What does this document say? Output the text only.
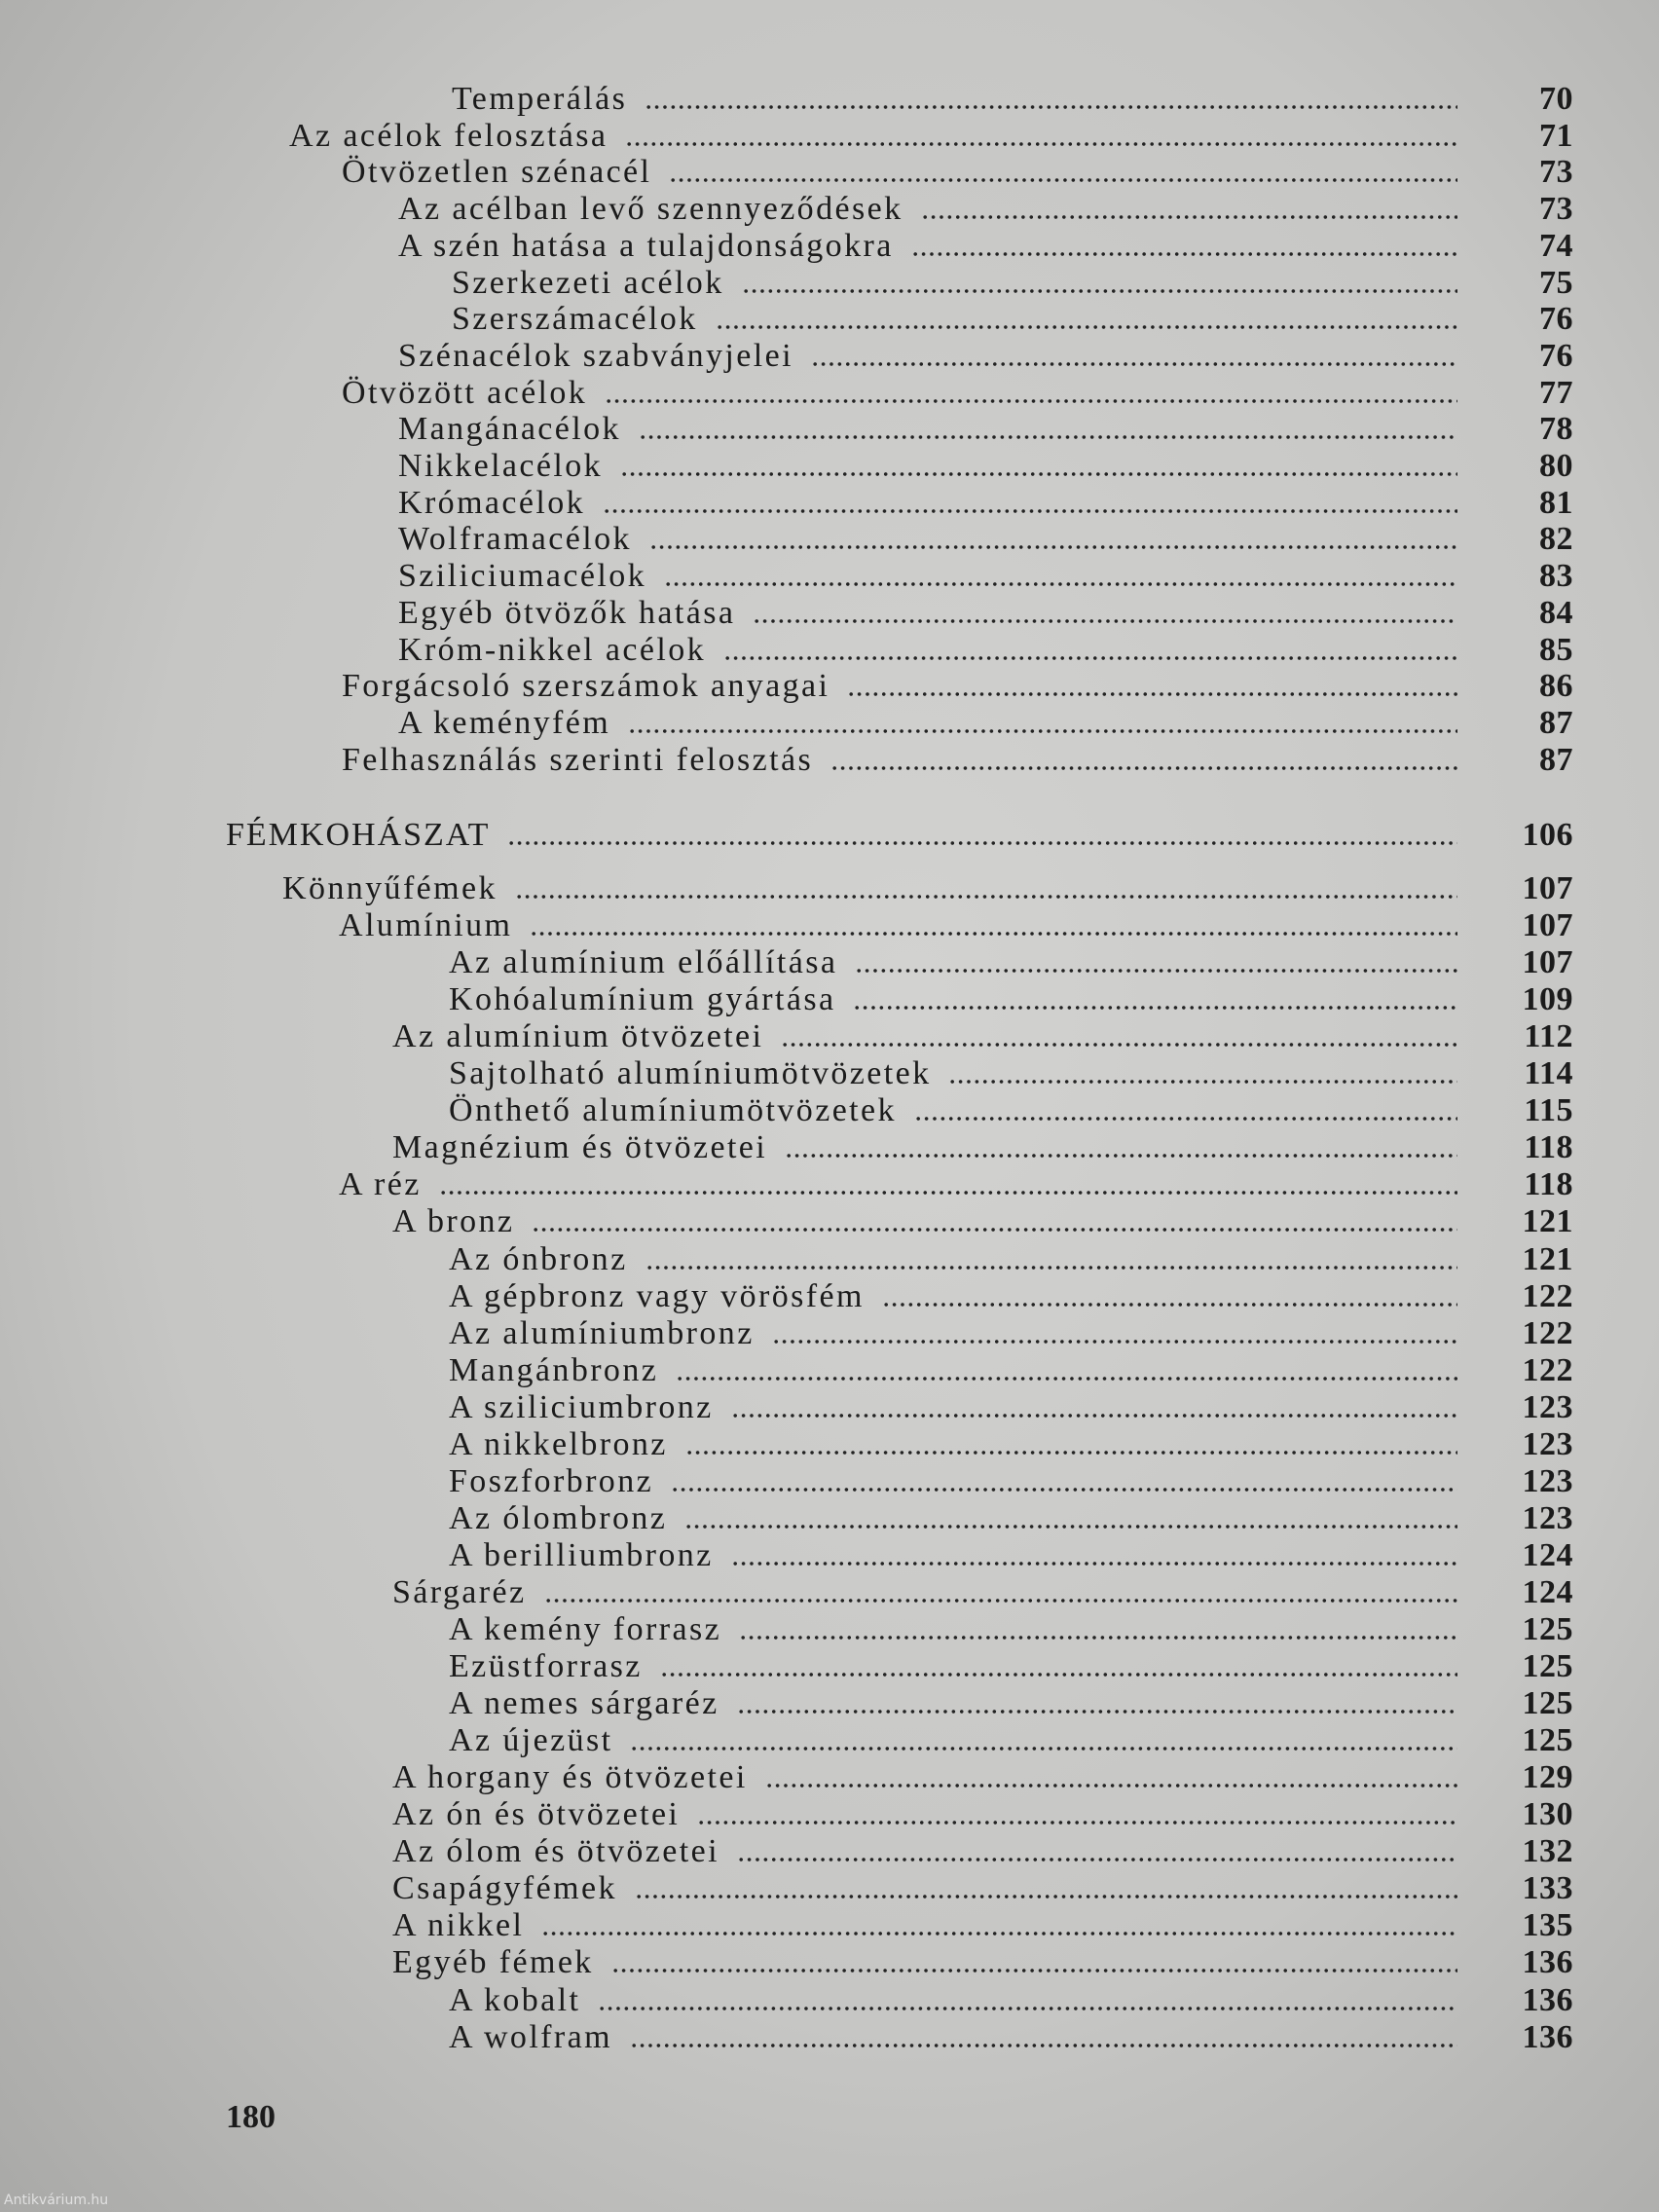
Temperálás	70
Az acélok felosztása	71
Ötvözetlen szénacél	73
Az acélban levő szennyeződések	73
A szén hatása a tulajdonságokra	74
Szerkezeti acélok	75
Szerszámacélok	76
Szénacélok szabványjelei	76
Ötvözött acélok	77
Mangánacélok	78
Nikkelacélok	80
Krómacélok	81
Wolframacélok	82
Sziliciumacélok	83
Egyéb ötvözők hatása	84
Króm-nikkel acélok	85
Forgácsoló szerszámok anyagai	86
A keményfém	87
Felhasználás szerinti felosztás	87
FÉMKOHÁSZAT	106
Könnyűfémek	107
Alumínium	107
Az alumínium előállítása	107
Kohóalumínium gyártása	109
Az alumínium ötvözetei	112
Sajtolható alumíniumötvözetek	114
Önthető alumíniumötvözetek	115
Magnézium és ötvözetei	118
A réz	118
A bronz	121
Az ónbronz	121
A gépbronz vagy vörösfém	122
Az alumíniumbronz	122
Mangánbronz	122
A sziliciumbronz	123
A nikkelbronz	123
Foszforbronz	123
Az ólombronz	123
A berilliumbronz	124
Sárgaréz	124
A kemény forrasz	125
Ezüstforrasz	125
A nemes sárgaréz	125
Az újezüst	125
A horgany és ötvözetei	129
Az ón és ötvözetei	130
Az ólom és ötvözetei	132
Csapágyfémek	133
A nikkel	135
Egyéb fémek	136
A kobalt	136
A wolfram	136
180
Antikvárium.hu
